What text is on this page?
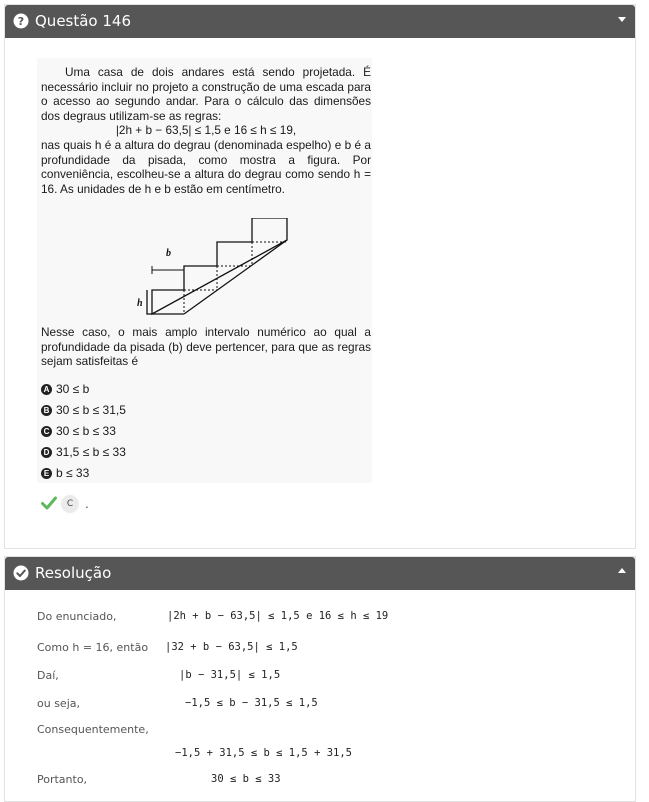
? Questão 146

Uma casa de dois andares está sendo projetada. É necessário incluir no projeto a construção de uma escada para o acesso ao segundo andar. Para o cálculo das dimensões dos degraus utilizam-se as regras:

|2h + b − 63,5| ≤ 1,5 e 16 ≤ h ≤ 19,

nas quais h é a altura do degrau (denominada espelho) e b é a profundidade da pisada, como mostra a figura. Por conveniência, escolheu-se a altura do degrau como sendo h = 16. As unidades de h e b estão em centímetro.

b
h

Nesse caso, o mais amplo intervalo numérico ao qual a profundidade da pisada (b) deve pertencer, para que as regras sejam satisfeitas é

A 30 ≤ b
B 30 ≤ b ≤ 31,5
C 30 ≤ b ≤ 33
D 31,5 ≤ b ≤ 33
E b ≤ 33
C .
Resolução
Do enunciado,	|2h + b − 63,5| ≤ 1,5 e 16 ≤ h ≤ 19
Como h = 16, então |32 + b − 63,5| ≤ 1,5
Daí,	|b − 31,5| ≤ 1,5
ou seja,	−1,5 ≤ b − 31,5 ≤ 1,5
Consequentemente,
−1,5 + 31,5 ≤ b ≤ 1,5 + 31,5
Portanto,	30 ≤ b ≤ 33
